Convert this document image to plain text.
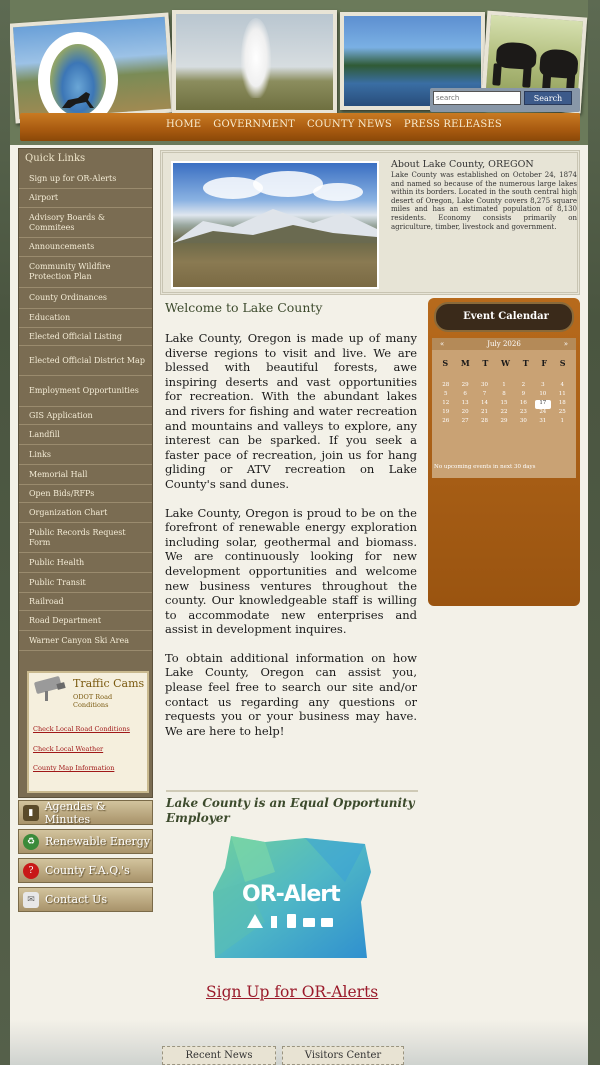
search
Search
HOME GOVERNMENT COUNTY NEWS PRESS RELEASES
Quick Links
Sign up for OR-Alerts
Airport
Advisory Boards & Commitees
Announcements
Community Wildfire Protection Plan
County Ordinances
Education
Elected Official Listing
Elected Official District Map
Employment Opportunities
GIS Application
Landfill
Links
Memorial Hall
Open Bids/RFPs
Organization Chart
Public Records Request Form
Public Health
Public Transit
Railroad
Road Department
Warner Canyon Ski Area
Traffic Cams
ODOT Road Conditions
Check Local Road Conditions
Check Local Weather
County Map Information
▮	Agendas & Minutes
♻ Renewable Energy
?	County F.A.Q.'s
✉ Contact Us
About Lake County, OREGON
Lake County was established on October 24, 1874 and named so because of the numerous large lakes within its borders. Located in the south central high desert of Oregon, Lake County covers 8,275 square miles and has an estimated population of 8,130 residents. Economy consists primarily on agriculture, timber, livestock and government.
Welcome to Lake County

Lake County, Oregon is made up of many diverse regions to visit and live. We are blessed with beautiful forests, awe inspiring deserts and vast opportunities for recreation. With the abundant lakes and rivers for fishing and water recreation and mountains and valleys to explore, any interest can be sparked. If you seek a faster pace of recreation, join us for hang gliding or ATV recreation on Lake County's sand dunes.

Lake County, Oregon is proud to be on the forefront of renewable energy exploration including solar, geothermal and biomass. We are continuously looking for new development opportunities and welcome new business ventures throughout the county. Our knowledgeable staff is willing to accommodate new enterprises and assist in development inquires.

To obtain additional information on how Lake County, Oregon can assist you, please feel free to search our site and/or contact us regarding any questions or requests you or your business may have. We are here to help!

Lake County is an Equal Opportunity Employer
OR-Alert
Sign Up for OR-Alerts
Event Calendar
«	July 2026	»
S M T W T F S
28	29	30	1	2	3	4
5	6	7	8	9	10	11
12	13	14	15	16	17	18
19	20	21	22	23	24	25
26	27	28	29	30	31	1
No upcoming events in next 30 days
Recent News	Visitors Center
